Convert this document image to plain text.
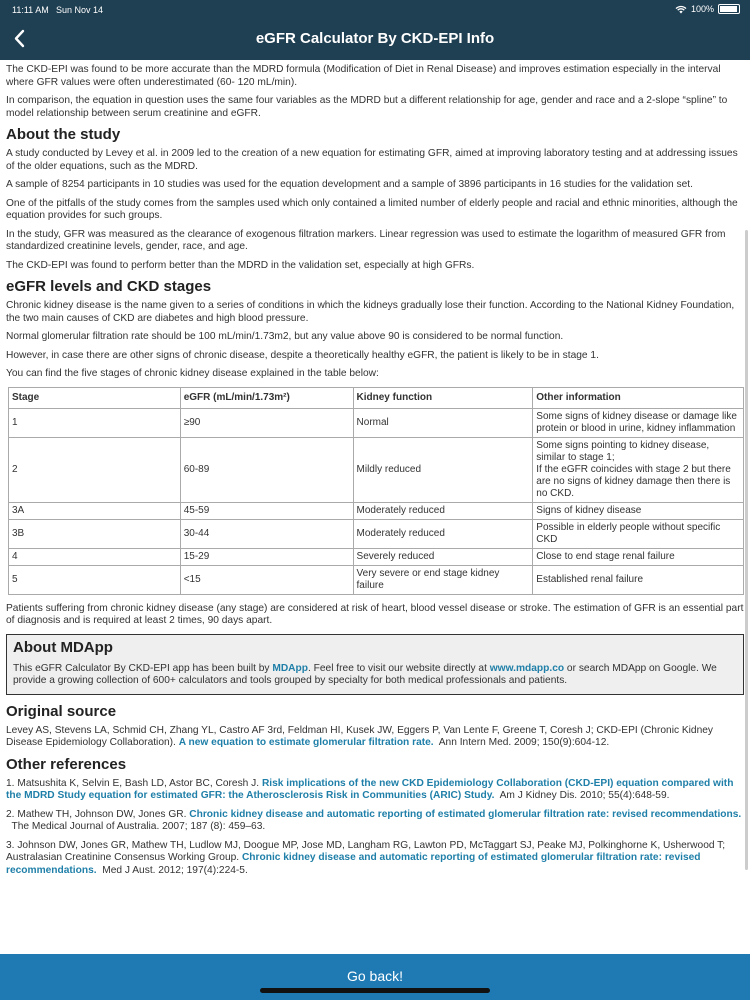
11:11 AM Sun Nov 14	100%
eGFR Calculator By CKD-EPI Info

The CKD-EPI was found to be more accurate than the MDRD formula (Modification of Diet in Renal Disease) and improves estimation especially in the interval where GFR values were often underestimated (60- 120 mL/min).

In comparison, the equation in question uses the same four variables as the MDRD but a different relationship for age, gender and race and a 2-slope “spline” to model relationship between serum creatinine and eGFR.

About the study

A study conducted by Levey et al. in 2009 led to the creation of a new equation for estimating GFR, aimed at improving laboratory testing and at addressing issues of the older equations, such as the MDRD.

A sample of 8254 participants in 10 studies was used for the equation development and a sample of 3896 participants in 16 studies for the validation set.

One of the pitfalls of the study comes from the samples used which only contained a limited number of elderly people and racial and ethnic minorities, although the equation provides for such groups.

In the study, GFR was measured as the clearance of exogenous filtration markers. Linear regression was used to estimate the logarithm of measured GFR from standardized creatinine levels, gender, race, and age.

The CKD-EPI was found to perform better than the MDRD in the validation set, especially at high GFRs.

eGFR levels and CKD stages

Chronic kidney disease is the name given to a series of conditions in which the kidneys gradually lose their function. According to the National Kidney Foundation, the two main causes of CKD are diabetes and high blood pressure.

Normal glomerular filtration rate should be 100 mL/min/1.73m2, but any value above 90 is considered to be normal function.

However, in case there are other signs of chronic disease, despite a theoretically healthy eGFR, the patient is likely to be in stage 1.

You can find the five stages of chronic kidney disease explained in the table below:

Stage	eGFR (mL/min/1.73m²)	Kidney function	Other information
1	≥90	Normal	Some signs of kidney disease or damage like protein or blood in urine, kidney inflammation
2	60-89	Mildly reduced	Some signs pointing to kidney disease, similar to stage 1;
If the eGFR coincides with stage 2 but there are no signs of kidney damage then there is no CKD.
3A	45-59	Moderately reduced	Signs of kidney disease
3B	30-44	Moderately reduced	Possible in elderly people without specific CKD
4	15-29	Severely reduced	Close to end stage renal failure
5	<15	Very severe or end stage kidney failure	Established renal failure

Patients suffering from chronic kidney disease (any stage) are considered at risk of heart, blood vessel disease or stroke. The estimation of GFR is an essential part of diagnosis and is required at least 2 times, 90 days apart.

About MDApp
This eGFR Calculator By CKD-EPI app has been built by MDApp. Feel free to visit our website directly at www.mdapp.co or search MDApp on Google. We provide a growing collection of 600+ calculators and tools grouped by specialty for both medical professionals and patients.
Original source

Levey AS, Stevens LA, Schmid CH, Zhang YL, Castro AF 3rd, Feldman HI, Kusek JW, Eggers P, Van Lente F, Greene T, Coresh J; CKD-EPI (Chronic Kidney Disease Epidemiology Collaboration). A new equation to estimate glomerular filtration rate.  Ann Intern Med. 2009; 150(9):604-12.

Other references

1. Matsushita K, Selvin E, Bash LD, Astor BC, Coresh J. Risk implications of the new CKD Epidemiology Collaboration (CKD-EPI) equation compared with the MDRD Study equation for estimated GFR: the Atherosclerosis Risk in Communities (ARIC) Study.  Am J Kidney Dis. 2010; 55(4):648-59.

2. Mathew TH, Johnson DW, Jones GR. Chronic kidney disease and automatic reporting of estimated glomerular filtration rate: revised recommendations.  The Medical Journal of Australia. 2007; 187 (8): 459–63.

3. Johnson DW, Jones GR, Mathew TH, Ludlow MJ, Doogue MP, Jose MD, Langham RG, Lawton PD, McTaggart SJ, Peake MJ, Polkinghorne K, Usherwood T; Australasian Creatinine Consensus Working Group. Chronic kidney disease and automatic reporting of estimated glomerular filtration rate: revised recommendations.  Med J Aust. 2012; 197(4):224-5.

Go back!
